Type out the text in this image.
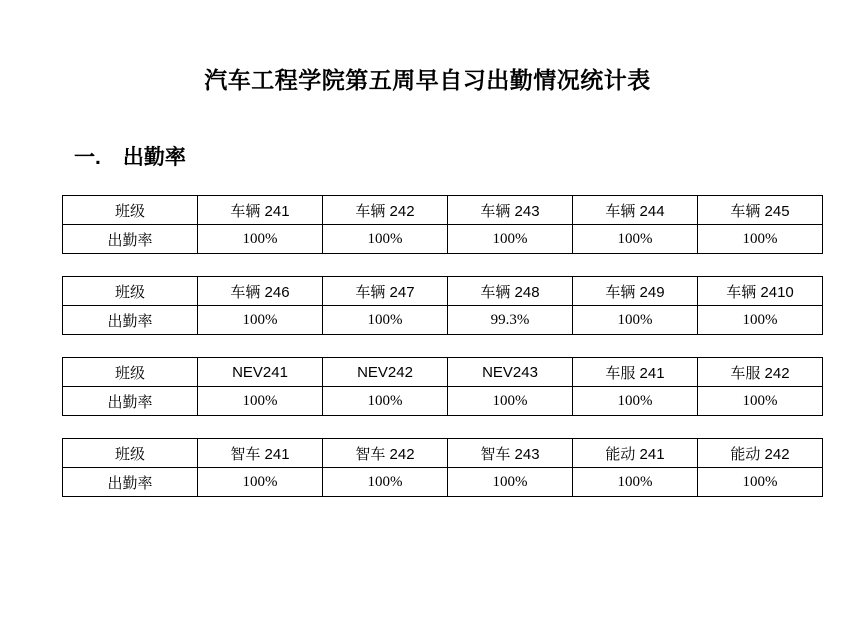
汽车工程学院第五周早自习出勤情况统计表
一. 出勤率
班级	车辆 241	车辆 242	车辆 243	车辆 244	车辆 245
出勤率	100%	100%	100%	100%	100%
班级	车辆 246	车辆 247	车辆 248	车辆 249	车辆 2410
出勤率	100%	100%	99.3%	100%	100%
班级	NEV241	NEV242	NEV243	车服 241	车服 242
出勤率	100%	100%	100%	100%	100%
班级	智车 241	智车 242	智车 243	能动 241	能动 242
出勤率	100%	100%	100%	100%	100%
